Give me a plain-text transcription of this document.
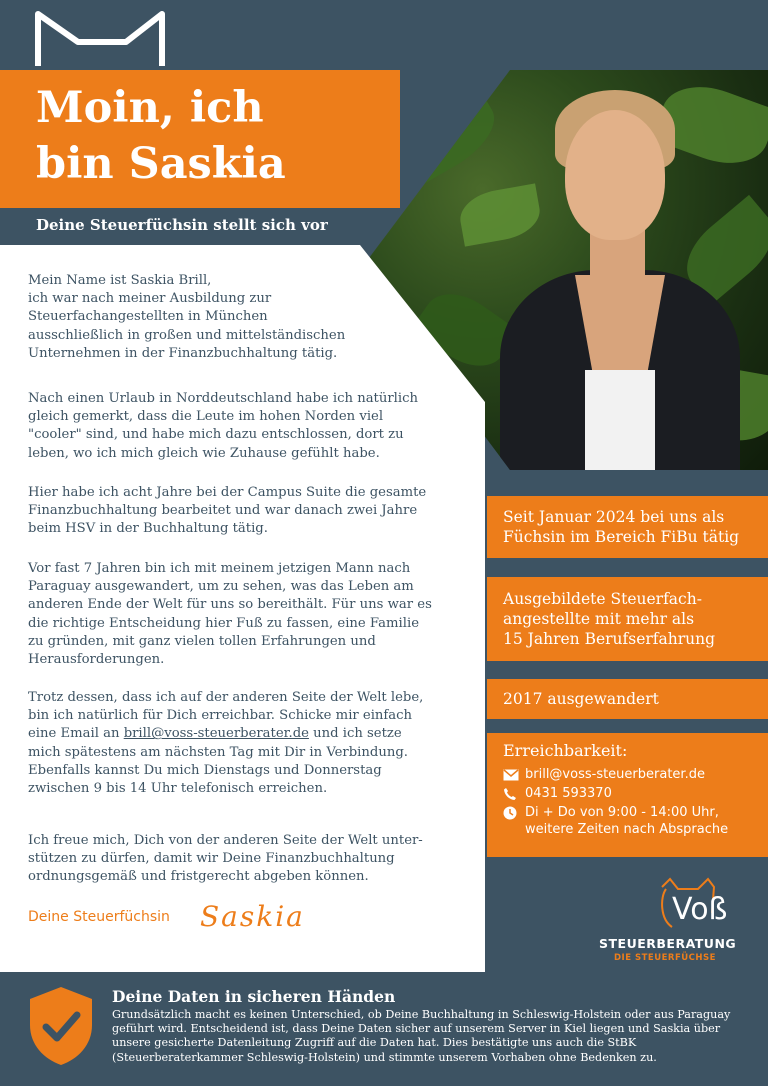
Moin, ich
bin Saskia
Deine Steuerfüchsin stellt sich vor

Mein Name ist Saskia Brill,
ich war nach meiner Ausbildung zur
Steuerfachangestellten in München
ausschließlich in großen und mittelständischen
Unternehmen in der Finanzbuchhaltung tätig.

Nach einen Urlaub in Norddeutschland habe ich natürlich
gleich gemerkt, dass die Leute im hohen Norden viel
"cooler" sind, und habe mich dazu entschlossen, dort zu
leben, wo ich mich gleich wie Zuhause gefühlt habe.

Hier habe ich acht Jahre bei der Campus Suite die gesamte
Finanzbuchhaltung bearbeitet und war danach zwei Jahre
beim HSV in der Buchhaltung tätig.

Vor fast 7 Jahren bin ich mit meinem jetzigen Mann nach
Paraguay ausgewandert, um zu sehen, was das Leben am
anderen Ende der Welt für uns so bereithält. Für uns war es
die richtige Entscheidung hier Fuß zu fassen, eine Familie
zu gründen, mit ganz vielen tollen Erfahrungen und
Herausforderungen.

Trotz dessen, dass ich auf der anderen Seite der Welt lebe,
bin ich natürlich für Dich erreichbar. Schicke mir einfach
eine Email an brill@voss-steuerberater.de und ich setze
mich spätestens am nächsten Tag mit Dir in Verbindung.
Ebenfalls kannst Du mich Dienstags und Donnerstag
zwischen 9 bis 14 Uhr telefonisch erreichen.

Ich freue mich, Dich von der anderen Seite der Welt unter-
stützen zu dürfen, damit wir Deine Finanzbuchhaltung
ordnungsgemäß und fristgerecht abgeben können.

Deine Steuerfüchsin Saskia
Seit Januar 2024 bei uns als
Füchsin im Bereich FiBu tätig
Ausgebildete Steuerfach-
angestellte mit mehr als
15 Jahren Berufserfahrung
2017 ausgewandert
Erreichbarkeit:
brill@voss-steuerberater.de
0431 593370
Di + Do von 9:00 - 14:00 Uhr,
weitere Zeiten nach Absprache
Voß
STEUERBERATUNG
DIE STEUERFÜCHSE
Deine Daten in sicheren Händen

Grundsätzlich macht es keinen Unterschied, ob Deine Buchhaltung in Schleswig-Holstein oder aus Paraguay geführt wird. Entscheidend ist, dass Deine Daten sicher auf unserem Server in Kiel liegen und Saskia über unsere gesicherte Datenleitung Zugriff auf die Daten hat. Dies bestätigte uns auch die StBK (Steuerberaterkammer Schleswig-Holstein) und stimmte unserem Vorhaben ohne Bedenken zu.
